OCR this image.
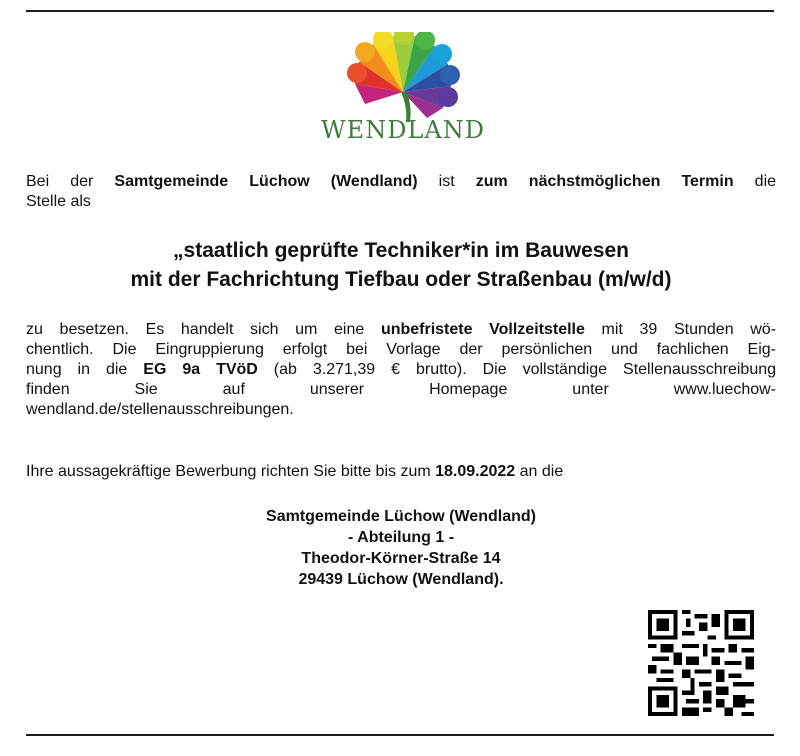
WENDLAND
Bei der Samtgemeinde Lüchow (Wendland) ist zum nächstmöglichen Termin die
Stelle als
„staatlich geprüfte Techniker*in im Bauwesen
mit der Fachrichtung Tiefbau oder Straßenbau (m/w/d)
zu besetzen. Es handelt sich um eine unbefristete Vollzeitstelle mit 39 Stunden wö-
chentlich. Die Eingruppierung erfolgt bei Vorlage der persönlichen und fachlichen Eig-
nung in die EG 9a TVöD (ab 3.271,39 € brutto). Die vollständige Stellenausschreibung
finden Sie auf unserer Homepage unter www.luechow-
wendland.de/stellenausschreibungen.
Ihre aussagekräftige Bewerbung richten Sie bitte bis zum 18.09.2022 an die
Samtgemeinde Lüchow (Wendland)
- Abteilung 1 -
Theodor-Körner-Straße 14
29439 Lüchow (Wendland).
